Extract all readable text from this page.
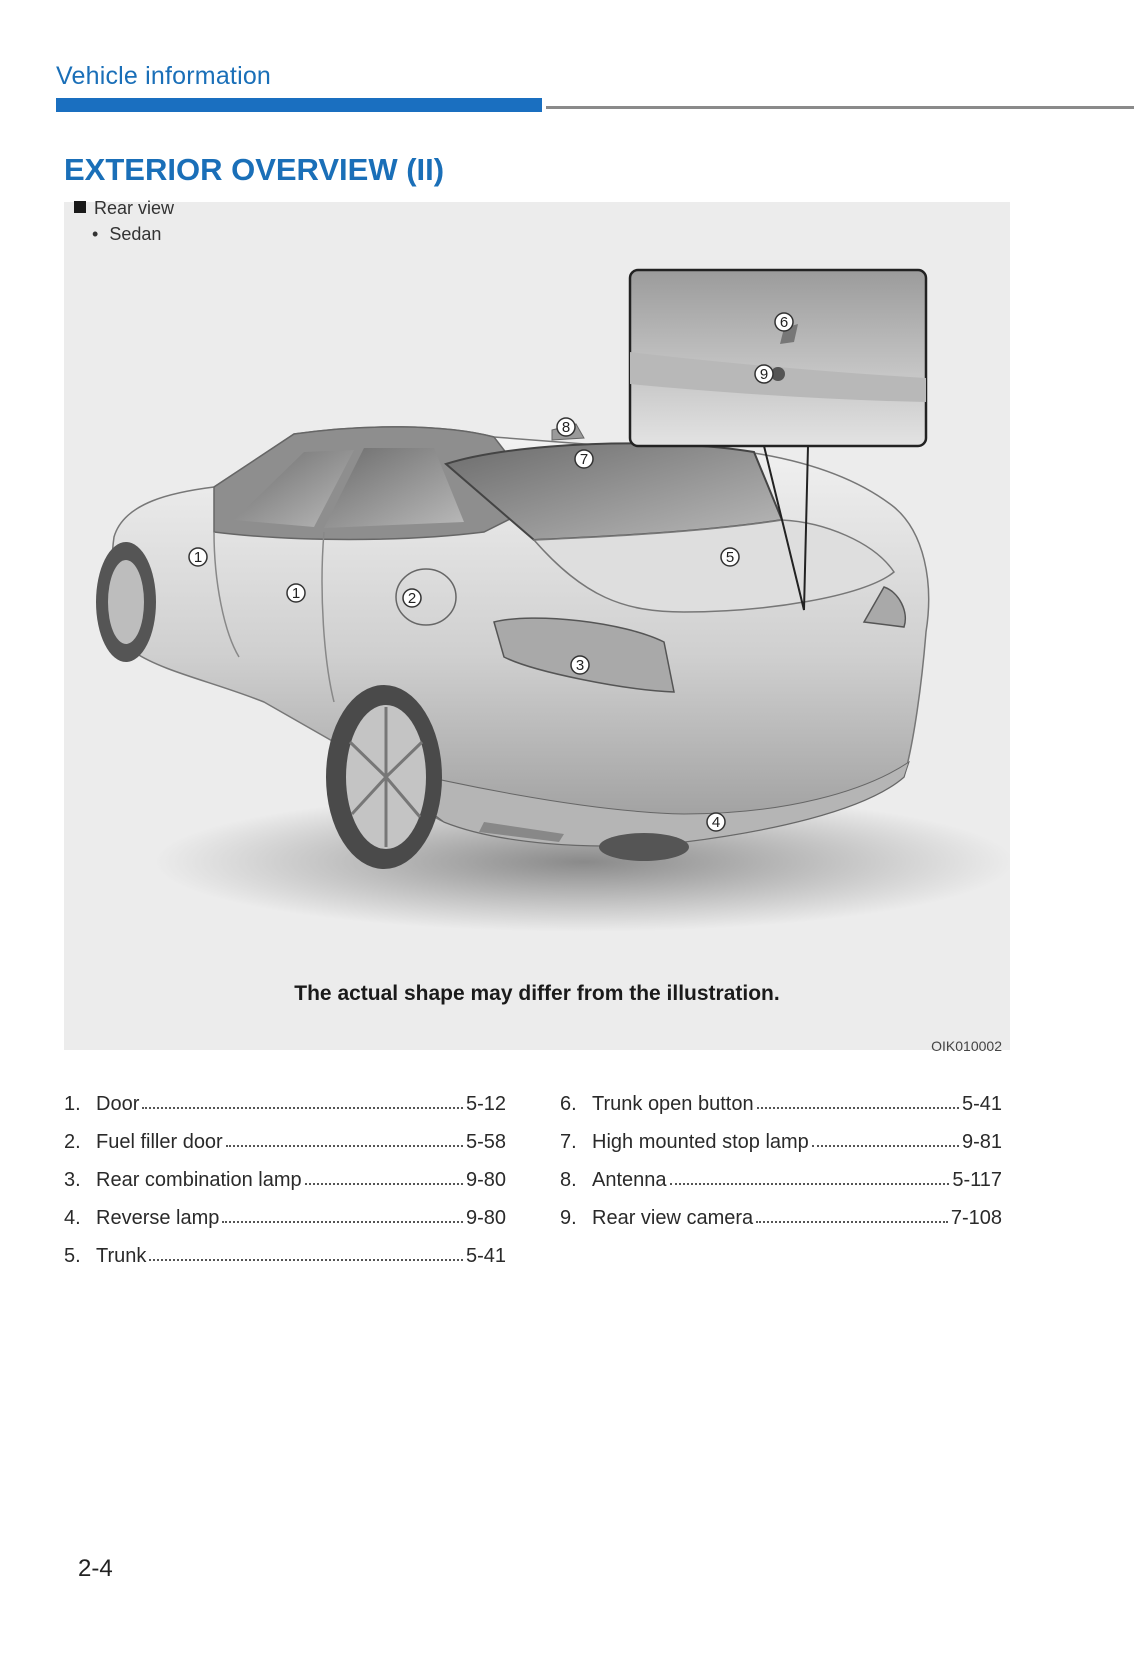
Vehicle information
EXTERIOR OVERVIEW (II)
Rear view
• Sedan
1
1	2
3
4
5
6
7
8
9
The actual shape may differ from the illustration.
OIK010002
1. Door	5-12
2. Fuel filler door	5-58
3. Rear combination lamp	9-80
4. Reverse lamp	9-80
5. Trunk	5-41
6. Trunk open button	5-41
7. High mounted stop lamp	9-81
8. Antenna	5-117
9. Rear view camera	7-108
2-4
